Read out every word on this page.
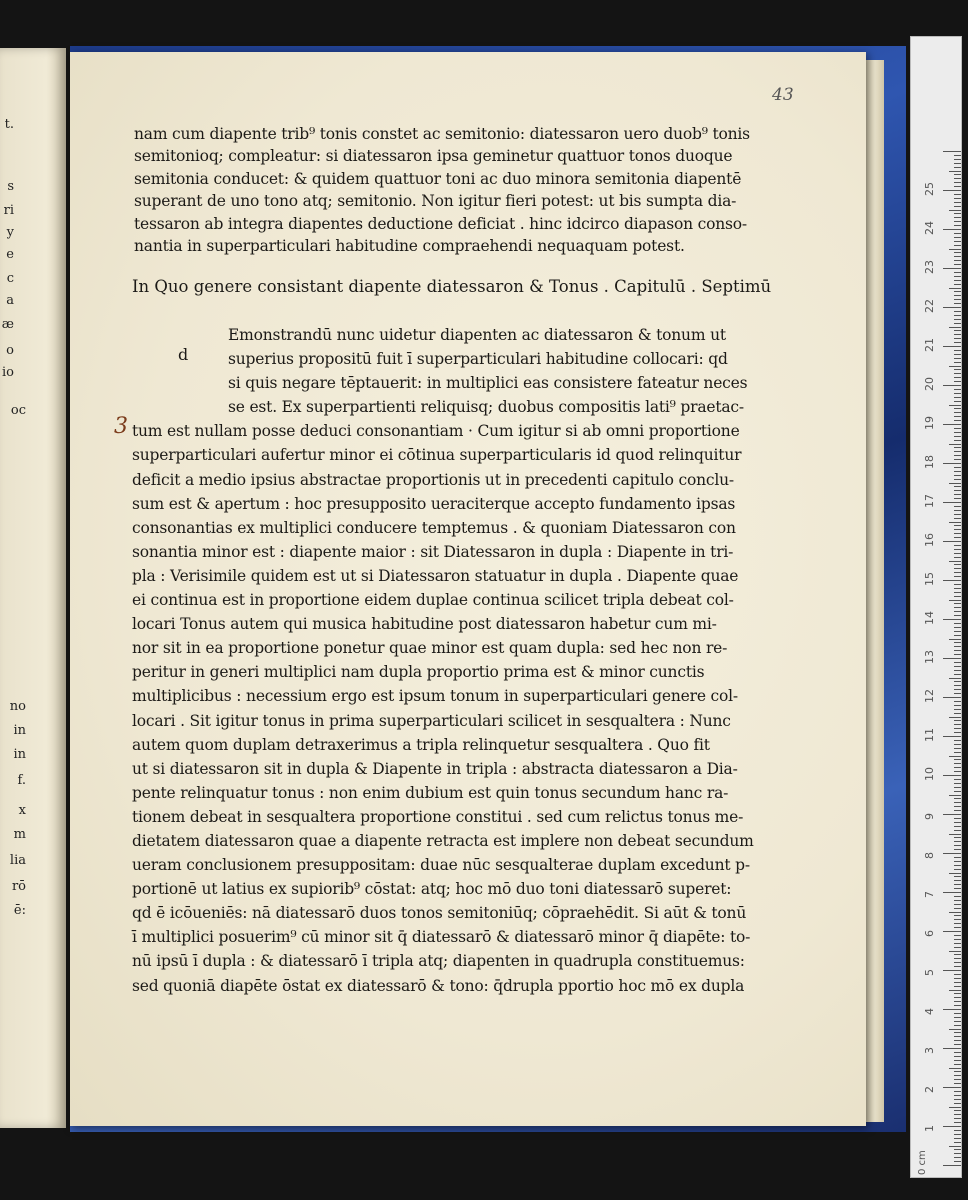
t.
s
ri
y
e
c
a
æ
o
io
oc
no
in
in
f.
x
m
lia
rō
ē:
43
nam cum diapente trib⁹ tonis constet ac semitonio: diatessaron uero duob⁹ tonis
semitonioq; compleatur: si diatessaron ipsa geminetur quattuor tonos duoque
semitonia conducet: & quidem quattuor toni ac duo minora semitonia diapentē
superant de uno tono atq; semitonio. Non igitur fieri potest: ut bis sumpta dia-
tessaron ab integra diapentes deductione deficiat . hinc idcirco diapason conso-
nantia in superparticulari habitudine compraehendi nequaquam potest.
In Quo genere consistant diapente diatessaron & Tonus . Capitulū . Septimū
d
3
Emonstrandū nunc uidetur diapenten ac diatessaron & tonum ut
superius propositū fuit ī superparticulari habitudine collocari: qd
si quis negare tēptauerit: in multiplici eas consistere fateatur neces
se est. Ex superpartienti reliquisq; duobus compositis lati⁹ praetac-
tum est nullam posse deduci consonantiam · Cum igitur si ab omni proportione
superparticulari aufertur minor ei cōtinua superparticularis id quod relinquitur
deficit a medio ipsius abstractae proportionis ut in precedenti capitulo conclu-
sum est & apertum : hoc presupposito ueraciterque accepto fundamento ipsas
consonantias ex multiplici conducere temptemus . & quoniam Diatessaron con
sonantia minor est : diapente maior : sit Diatessaron in dupla : Diapente in tri-
pla : Verisimile quidem est ut si Diatessaron statuatur in dupla . Diapente quae
ei continua est in proportione eidem duplae continua scilicet tripla debeat col-
locari Tonus autem qui musica habitudine post diatessaron habetur cum mi-
nor sit in ea proportione ponetur quae minor est quam dupla: sed hec non re-
peritur in generi multiplici nam dupla proportio prima est & minor cunctis
multiplicibus : necessium ergo est ipsum tonum in superparticulari genere col-
locari . Sit igitur tonus in prima superparticulari scilicet in sesqualtera : Nunc
autem quom duplam detraxerimus a tripla relinquetur sesqualtera . Quo fit
ut si diatessaron sit in dupla & Diapente in tripla : abstracta diatessaron a Dia-
pente relinquatur tonus : non enim dubium est quin tonus secundum hanc ra-
tionem debeat in sesqualtera proportione constitui . sed cum relictus tonus me-
dietatem diatessaron quae a diapente retracta est implere non debeat secundum
ueram conclusionem presuppositam: duae nūc sesqualterae duplam excedunt p-
portionē ut latius ex supiorib⁹ cōstat: atq; hoc mō duo toni diatessarō superet:
qd ē icōueniēs: nā diatessarō duos tonos semitoniūq; cōpraehēdit. Si aūt & tonū
ī multiplici posuerim⁹ cū minor sit q̄ diatessarō & diatessarō minor q̄ diapēte: to-
nū ipsū ī dupla : & diatessarō ī tripla atq; diapenten in quadrupla constituemus:
sed quoniā diapēte ōstat ex diatessarō & tono: q̄drupla pportio hoc mō ex dupla
0 cm
1
2
3
4
5
6
7
8
9
10
11
12
13
14
15
16
17
18
19
20
21
22
23
24
25
